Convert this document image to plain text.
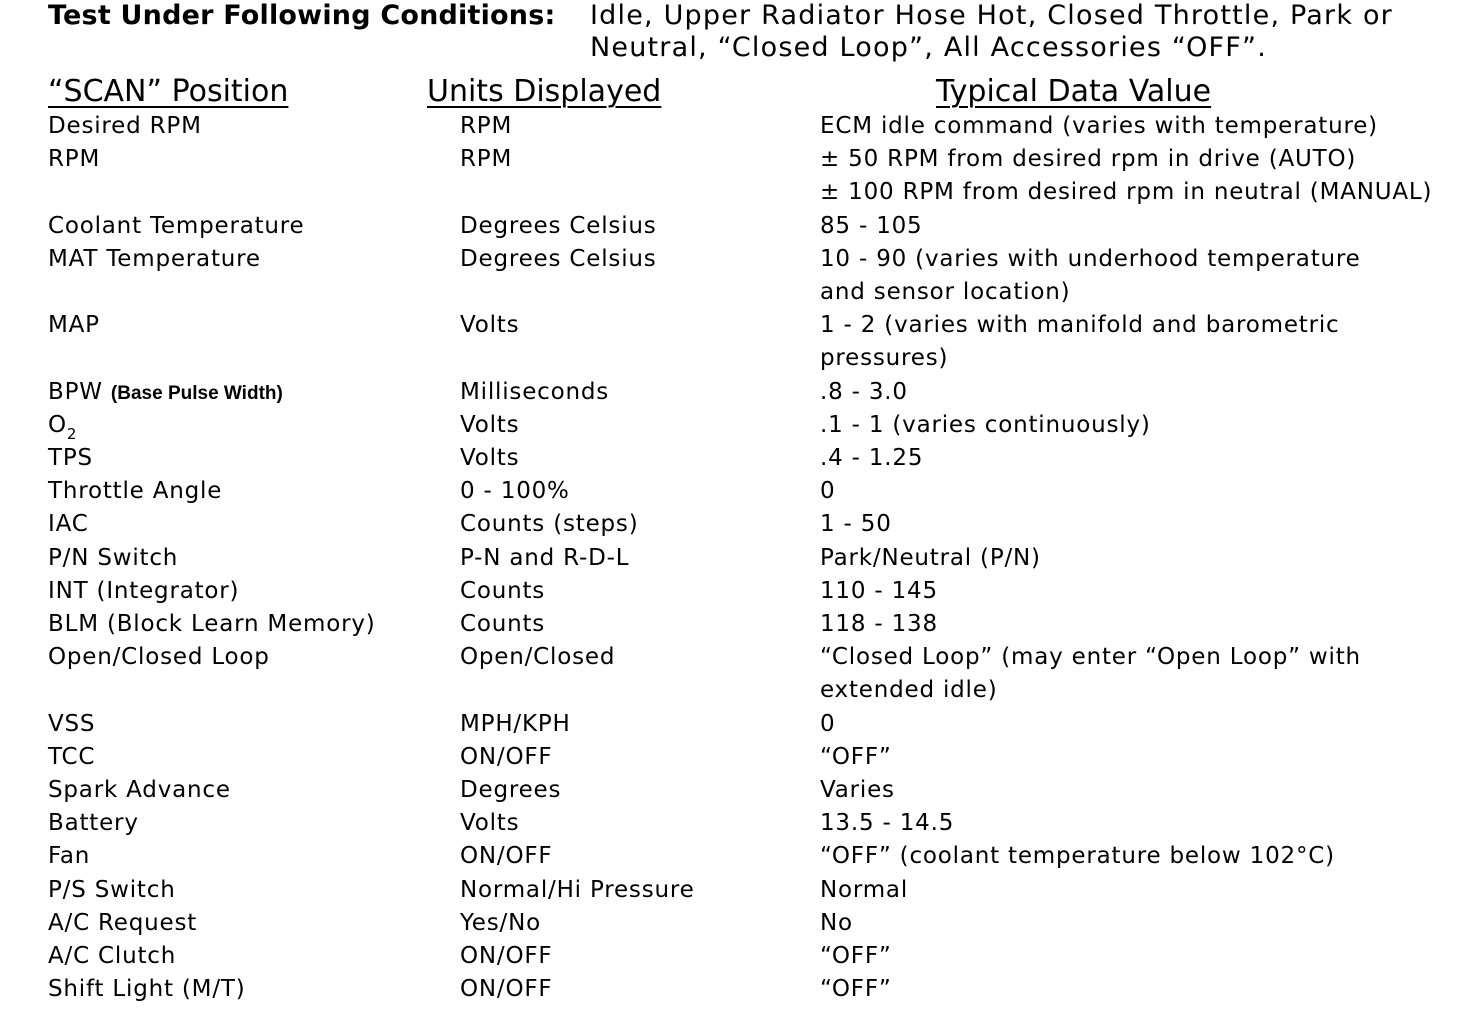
Test Under Following Conditions: Idle, Upper Radiator Hose Hot, Closed Throttle, Park or
Neutral, “Closed Loop”, All Accessories “OFF”.
“SCAN” Position	Units Displayed	Typical Data Value
Desired RPM	RPM	ECM idle command (varies with temperature)
RPM	RPM	± 50 RPM from desired rpm in drive (AUTO)
± 100 RPM from desired rpm in neutral (MANUAL)
Coolant Temperature	Degrees Celsius	85 - 105
MAT Temperature	Degrees Celsius	10 - 90 (varies with underhood temperature
and sensor location)
MAP	Volts	1 - 2 (varies with manifold and barometric
pressures)
BPW (Base Pulse Width)	Milliseconds	.8 - 3.0
$O_2$	Volts	.1 - 1 (varies continuously)
TPS	Volts	.4 - 1.25
Throttle Angle	0 - 100%	0
IAC	Counts (steps)	1 - 50
P/N Switch	P-N and R-D-L	Park/Neutral (P/N)
INT (Integrator)	Counts	110 - 145
BLM (Block Learn Memory)	Counts	118 - 138
Open/Closed Loop	Open/Closed	“Closed Loop” (may enter “Open Loop” with
extended idle)
VSS	MPH/KPH	0
TCC	ON/OFF	“OFF”
Spark Advance	Degrees	Varies
Battery	Volts	13.5 - 14.5
Fan	ON/OFF	“OFF” (coolant temperature below 102°C)
P/S Switch	Normal/Hi Pressure	Normal
A/C Request	Yes/No	No
A/C Clutch	ON/OFF	“OFF”
Shift Light (M/T)	ON/OFF	“OFF”
